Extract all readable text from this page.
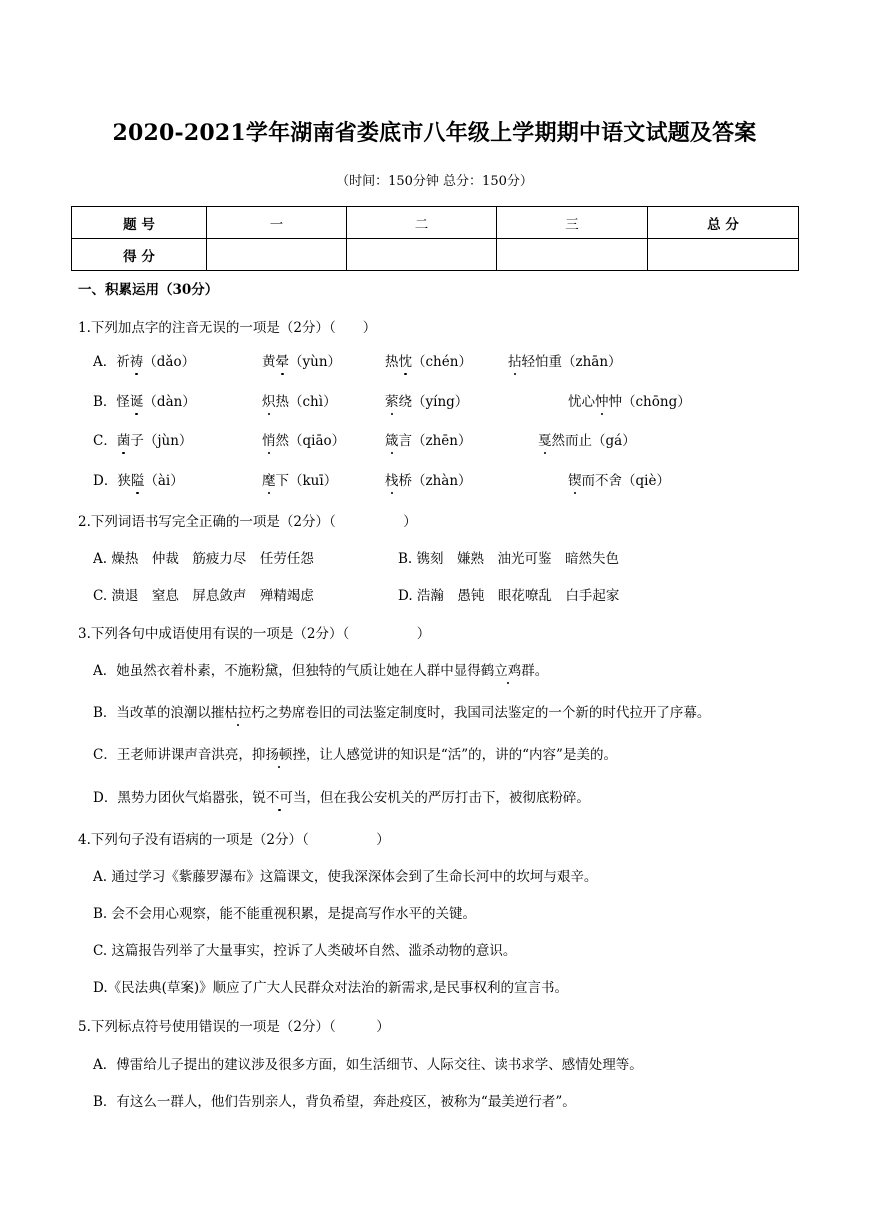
2020-2021学年湖南省娄底市八年级上学期期中语文试题及答案
（时间：150分钟 总分：150分）
题 号	一	二	三	总 分
得 分				
一、积累运用（30分）
1.下列加点字的注音无误的一项是（2分）（　　）
A．祈祷（dǎo）	黄晕（yùn）	热忱（chén）	拈轻怕重（zhān）
B．怪诞（dàn）	炽热（chì）	萦绕（yíng）	忧心忡忡（chōng）
C．菌子（jùn）	悄然（qiāo）	箴言（zhēn）	戛然而止（gá）
D．狭隘（ài）	麾下（kuī）	栈桥（zhàn）	锲而不舍（qiè）
2.下列词语书写完全正确的一项是（2分）（　　　　　）
A. 燥热　仲裁　筋疲力尽　任劳任怨	B. 镌刻　嫌熟　油光可鉴　暗然失色
C. 溃退　窒息　屏息敛声　殚精竭虑	D. 浩瀚　愚钝　眼花嘹乱　白手起家
3.下列各句中成语使用有误的一项是（2分）（　　　　　）
A．她虽然衣着朴素，不施粉黛，但独特的气质让她在人群中显得鹤立鸡群。
B．当改革的浪潮以摧枯拉朽之势席卷旧的司法鉴定制度时，我国司法鉴定的一个新的时代拉开了序幕。
C．王老师讲课声音洪亮，抑扬顿挫，让人感觉讲的知识是“活”的，讲的“内容”是美的。
D．黑势力团伙气焰嚣张，锐不可当，但在我公安机关的严厉打击下，被彻底粉碎。
4.下列句子没有语病的一项是（2分）（　　　　　）
A. 通过学习《紫藤罗瀑布》这篇课文，使我深深体会到了生命长河中的坎坷与艰辛。
B. 会不会用心观察，能不能重视积累，是提高写作水平的关键。
C. 这篇报告列举了大量事实，控诉了人类破坏自然、滥杀动物的意识。
D.《民法典(草案)》顺应了广大人民群众对法治的新需求,是民事权利的宣言书。
5.下列标点符号使用错误的一项是（2分）（　　　）
A．傅雷给儿子提出的建议涉及很多方面，如生活细节、人际交往、读书求学、感情处理等。
B．有这么一群人，他们告别亲人，背负希望，奔赴疫区，被称为“最美逆行者”。
